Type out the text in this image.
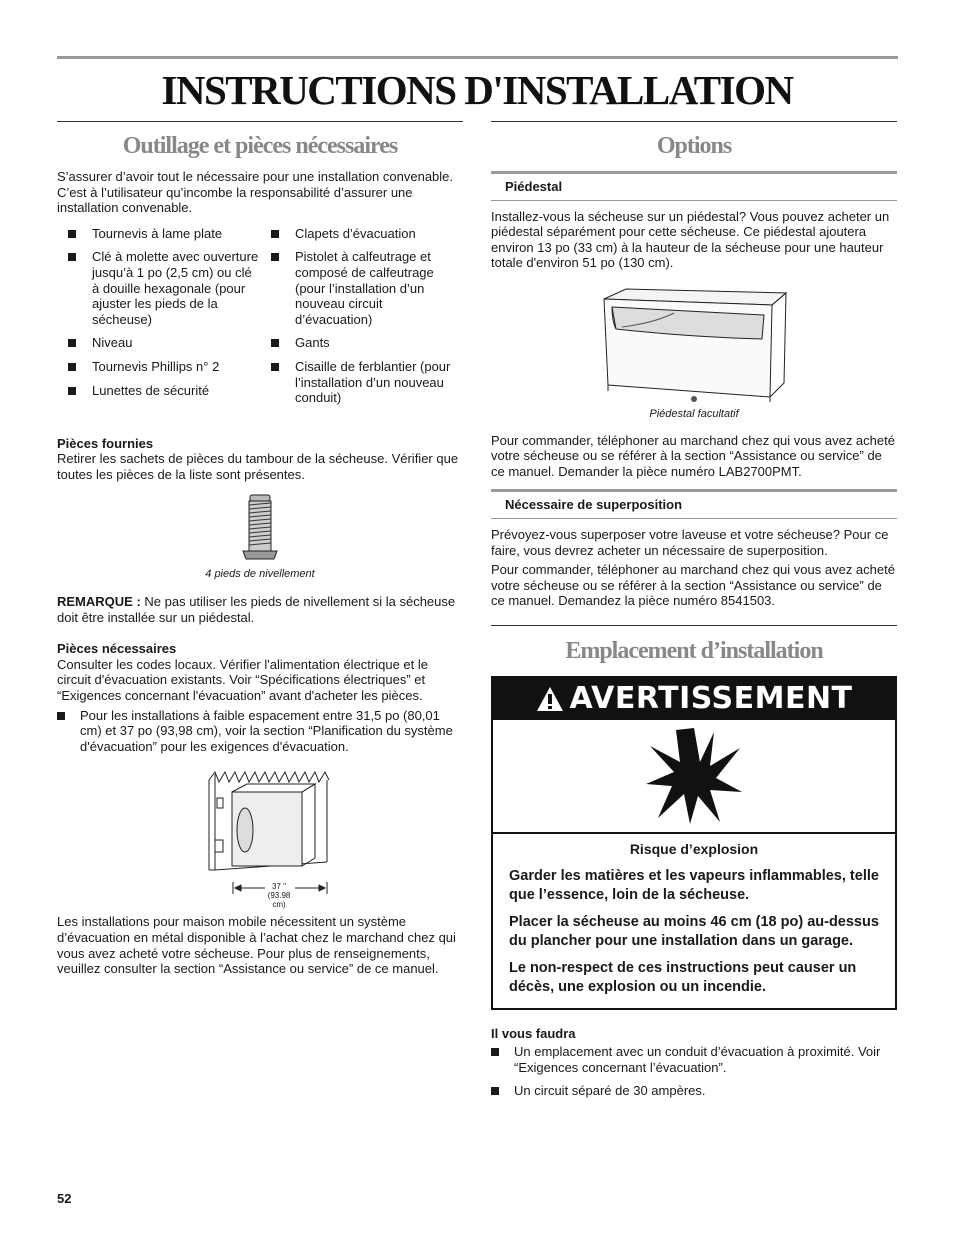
INSTRUCTIONS D'INSTALLATION
Outillage et pièces nécessaires

S’assurer d’avoir tout le nécessaire pour une installation convenable. C’est à l’utilisateur qu’incombe la responsabilité d’assurer une installation convenable.

Tournevis à lame plate
Clé à molette avec ouverture jusqu’à 1 po (2,5 cm) ou clé à douille hexagonale (pour ajuster les pieds de la sécheuse)
Niveau
Tournevis Phillips n° 2
Lunettes de sécurité
Clapets d’évacuation
Pistolet à calfeutrage et composé de calfeutrage (pour l’installation d’un nouveau circuit d’évacuation)
Gants
Cisaille de ferblantier (pour l’installation d’un nouveau conduit)

Pièces fournies

Retirer les sachets de pièces du tambour de la sécheuse. Vérifier que toutes les pièces de la liste sont présentes.

4 pieds de nivellement

REMARQUE : Ne pas utiliser les pieds de nivellement si la sécheuse doit être installée sur un piédestal.

Pièces nécessaires

Consulter les codes locaux. Vérifier l'alimentation électrique et le circuit d'évacuation existants. Voir “Spécifications électriques” et “Exigences concernant l'évacuation” avant d'acheter les pièces.

Pour les installations à faible espacement entre 31,5 po (80,01 cm) et 37 po (93,98 cm), voir la section “Planification du système d'évacuation” pour les exigences d'évacuation.
37 "
(93.98 cm)

Les installations pour maison mobile nécessitent un système d’évacuation en métal disponible à l’achat chez le marchand chez qui vous avez acheté votre sécheuse. Pour plus de renseignements, veuillez consulter la section “Assistance ou service” de ce manuel.

Options
Piédestal

Installez-vous la sécheuse sur un piédestal? Vous pouvez acheter un piédestal séparément pour cette sécheuse. Ce piédestal ajoutera environ 13 po (33 cm) à la hauteur de la sécheuse pour une hauteur totale d'environ 51 po (130 cm).

Piédestal facultatif

Pour commander, téléphoner au marchand chez qui vous avez acheté votre sécheuse ou se référer à la section “Assistance ou service” de ce manuel. Demander la pièce numéro LAB2700PMT.

Nécessaire de superposition

Prévoyez-vous superposer votre laveuse et votre sécheuse? Pour ce faire, vous devrez acheter un nécessaire de superposition.

Pour commander, téléphoner au marchand chez qui vous avez acheté votre sécheuse ou se référer à la section “Assistance ou service” de ce manuel. Demandez la pièce numéro 8541503.

Emplacement d’installation
AVERTISSEMENT

Risque d’explosion

Garder les matières et les vapeurs inflammables, telle que l’essence, loin de la sécheuse.

Placer la sécheuse au moins 46 cm (18 po) au-dessus du plancher pour une installation dans un garage.

Le non-respect de ces instructions peut causer un décès, une explosion ou un incendie.

Il vous faudra

Un emplacement avec un conduit d’évacuation à proximité. Voir “Exigences concernant l’évacuation”.
Un circuit séparé de 30 ampères.
52
